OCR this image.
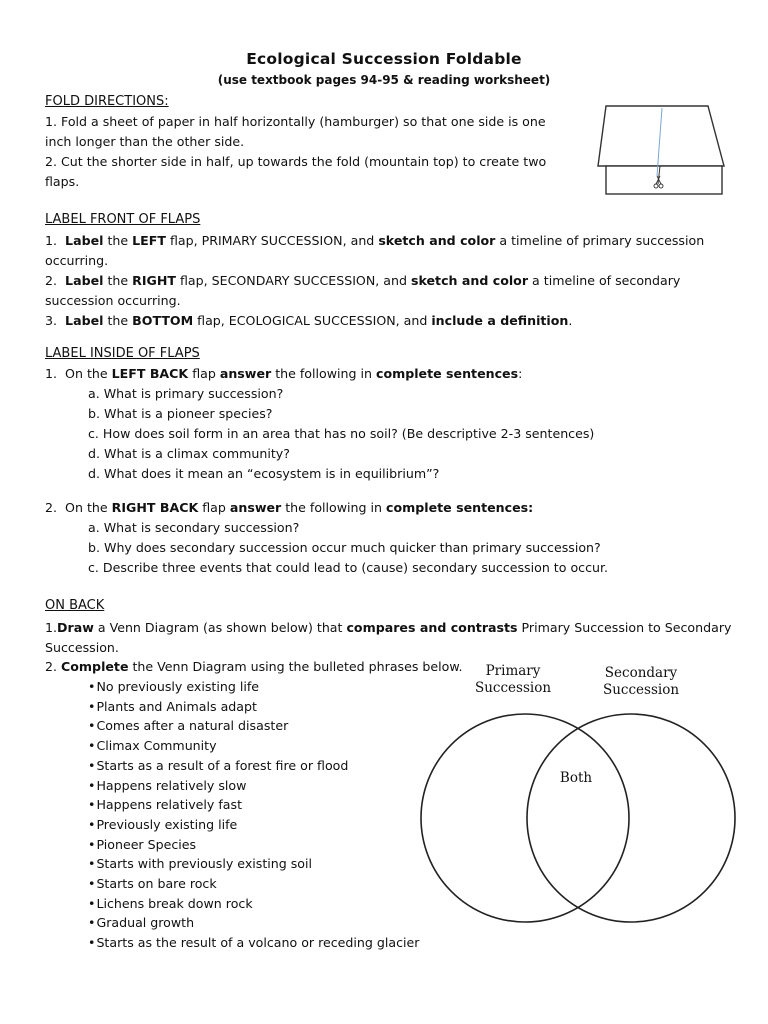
Ecological Succession Foldable
(use textbook pages 94-95 & reading worksheet)
FOLD DIRECTIONS:
1. Fold a sheet of paper in half horizontally (hamburger) so that one side is one inch longer than the other side.
2. Cut the shorter side in half, up towards the fold (mountain top) to create two flaps.
LABEL FRONT OF FLAPS
1. Label the LEFT flap, PRIMARY SUCCESSION, and sketch and color a timeline of primary succession occurring.
2. Label the RIGHT flap, SECONDARY SUCCESSION, and sketch and color a timeline of secondary succession occurring.
3. Label the BOTTOM flap, ECOLOGICAL SUCCESSION, and include a definition.
LABEL INSIDE OF FLAPS
1. On the LEFT BACK flap answer the following in complete sentences:
a. What is primary succession?
b. What is a pioneer species?
c. How does soil form in an area that has no soil? (Be descriptive 2-3 sentences)
d. What is a climax community?
d. What does it mean an “ecosystem is in equilibrium”?
2. On the RIGHT BACK flap answer the following in complete sentences:
a. What is secondary succession?
b. Why does secondary succession occur much quicker than primary succession?
c. Describe three events that could lead to (cause) secondary succession to occur.
ON BACK
1.Draw a Venn Diagram (as shown below) that compares and contrasts Primary Succession to Secondary Succession.
2. Complete the Venn Diagram using the bulleted phrases below.
• No previously existing life
• Plants and Animals adapt
• Comes after a natural disaster
• Climax Community
• Starts as a result of a forest fire or flood
• Happens relatively slow
• Happens relatively fast
• Previously existing life
• Pioneer Species
• Starts with previously existing soil
• Starts on bare rock
• Lichens break down rock
• Gradual growth
• Starts as the result of a volcano or receding glacier
Primary
Succession
Secondary
Succession
Both
